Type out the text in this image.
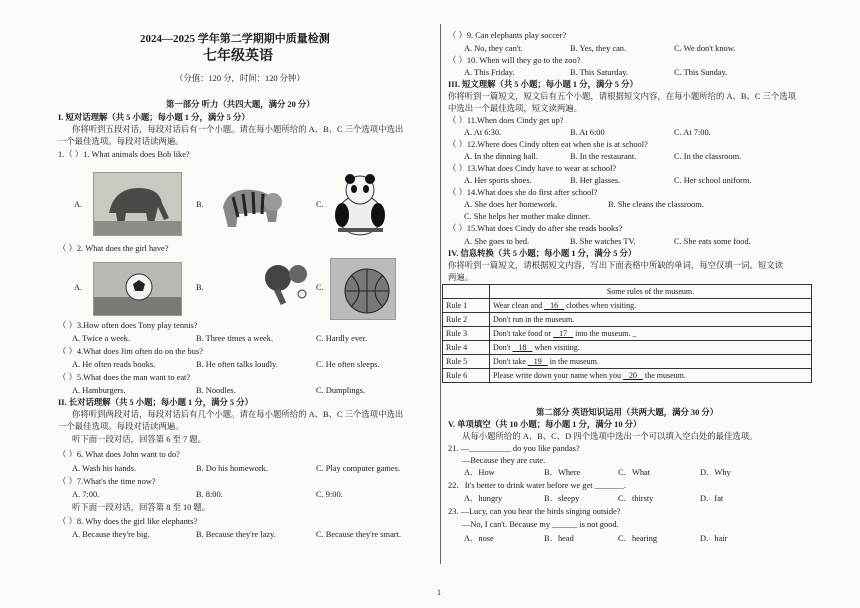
2024—2025 学年第二学期期中质量检测
七年级英语
（分值：120 分，时间：120 分钟）
第一部分 听力（共四大题，满分 20 分）
I. 短对话理解（共 5 小题；每小题 1 分，满分 5 分）
你将听到五段对话，每段对话后有一个小题。请在每小题所给的 A、B、C 三个选项中选出
一个最佳选项。每段对话读两遍。
1.（ ）1. What animals does Bob like?
A.	B.	C.
（ ）2. What does the girl have?
A.	B.	C.
（ ）3.How often does Tony play tennis?
A. Twice a week.	B. Three times a week.	C. Hardly ever.
（ ）4.What does Jim often do on the bus?
A. He often reads books.	B. He often talks loudly.	C. He often sleeps.
（ ）5.What does the man want to eat?
A. Hamburgers.	B. Noodles.	C. Dumplings.
II. 长对话理解（共 5 小题；每小题 1 分，满分 5 分）
你将听到两段对话，每段对话后有几个小题。请在每小题所给的 A、B、C 三个选项中选出
一个最佳选项。每段对话读两遍。
听下面一段对话，回答第 6 至 7 题。
（ ）6. What does John want to do?
A. Wash his hands.	B. Do his homework.	C. Play computer games.
（ ）7.What's the time now?
A. 7:00.	B. 8:00.	C. 9:00.
听下面一段对话，回答第 8 至 10 题。
（ ）8. Why does the girl like elephants?
A. Because they're big.	B. Because they're lazy.	C. Because they're smart.
（ ）9. Can elephants play soccer?
A. No, they can't.	B. Yes, they can.	C. We don't know.
（ ）10. When will they go to the zoo?
A. This Friday.	B. This Saturday.	C. This Sunday.
III. 短文理解（共 5 小题；每小题 1 分，满分 5 分）
你将听到一篇短文，短文后有五个小题，请根据短文内容，在每小题所给的 A、B、C 三个选项
中选出一个最佳选项，短文读两遍。
（ ）11.When does Cindy get up?
A. At 6:30.	B. At 6:00	C. At 7:00.
（ ）12.Where does Cindy often eat when she is at school?
A. In the dinning hall.	B. In the restaurant.	C. In the classroom.
（ ）13.What does Cindy have to wear at school?
A. Her sports shoes.	B. Her glasses.	C. Her school uniform.
（ ）14.What does she do first after school?
A. She does her homework.	B. She cleans the classroom.
C. She helps her mother make dinner.
（ ）15.What does Cindy do after she reads books?
A. She goes to bed.	B. She watches TV.	C. She eats some food.
IV. 信息转换（共 5 小题；每小题 1 分，满分 5 分）
你将听到一篇短文，请根据短文内容，写出下面表格中所缺的单词，每空仅填一词。短文读
两遍。
	Some rules of the museum.
Rule 1	Wear clean and    16    clothes when visiting.
Rule 2	Don't run in the museum.
Rule 3	Don't take food or    17    into the museum. _
Rule 4	Don't    18    when visiting.
Rule 5	Don't take    19    in the museum.
Rule 6	Please write down your name when you    20    the museum.
第二部分 英语知识运用（共两大题，满分 30 分）
V. 单项填空（共 10 小题；每小题 1 分，满分 10 分）
从每小题所给的 A、B、C、D 四个选项中选出一个可以填入空白处的最佳选项。
21. —__________ do you like pandas?
—Because they are cute.
A．How	B．Where	C．What	D．Why
22．It's better to drink water before we get _______.
A．hungry	B．sleepy	C．thirsty	D．fat
23. —Lucy, can you hear the birds singing outside?
—No, I can't. Because my ______ is not good.
A．nose	B．head	C．hearing	D．hair
1
